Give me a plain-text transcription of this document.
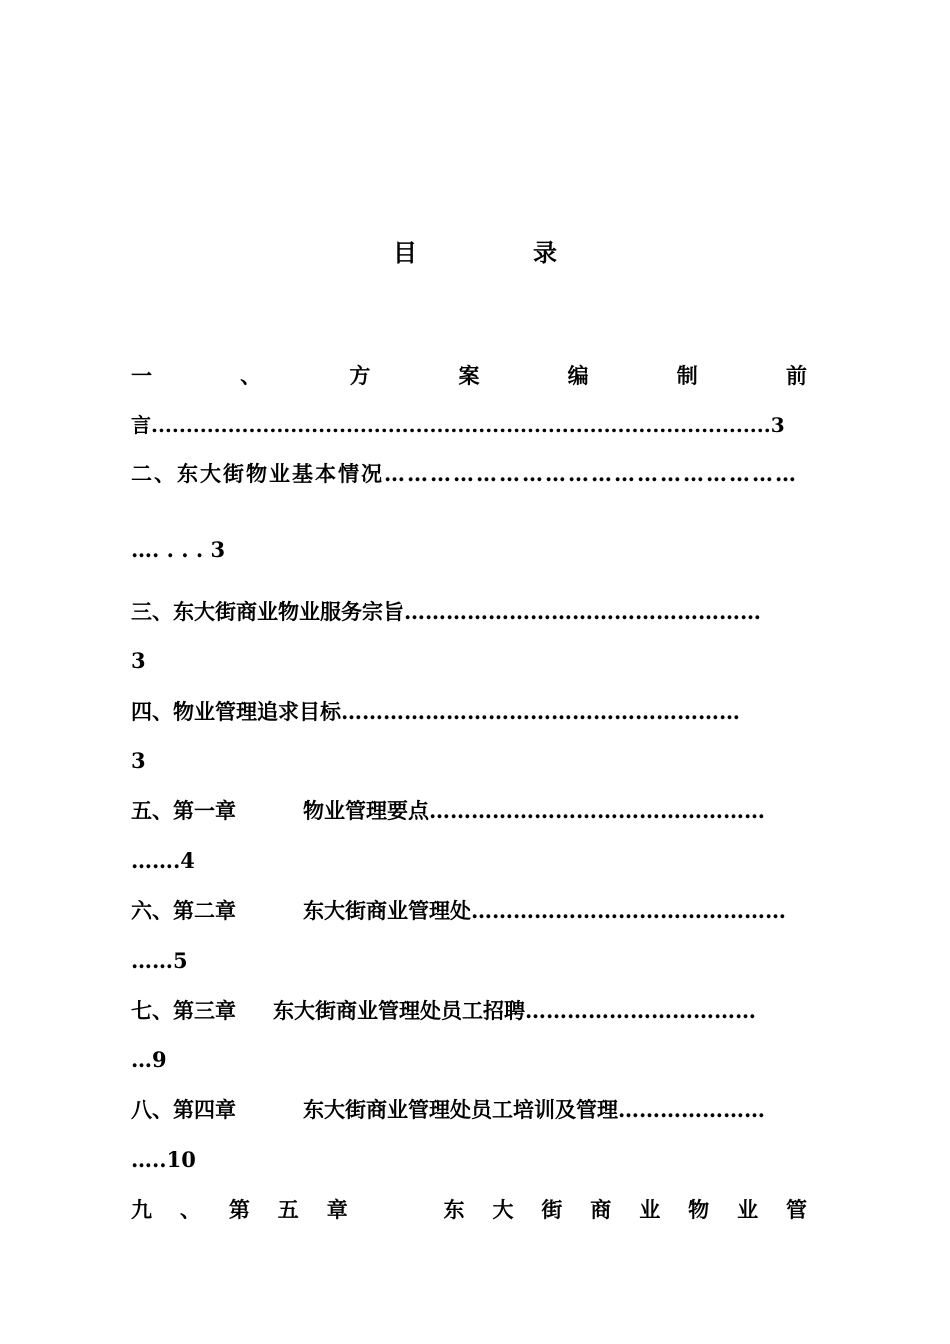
目　录
一	、	方	案	编	制	前
言.........................................................................................3
二、东大街物业基本情况………………………………………………
…. . . . 3
三、东大街商业物业服务宗旨……………………………………………
3
四、物业管理追求目标…………………………………………………
3
五、第一章	物业管理要点…………………………………………
…….4
六、第二章	东大街商业管理处………………………………………
……5
七、第三章 东大街商业管理处员工招聘……………………………
…9
八、第四章	东大街商业管理处员工培训及管理…………………
…..10
九 、 第 五 章	东 大 街 商 业 物 业 管
